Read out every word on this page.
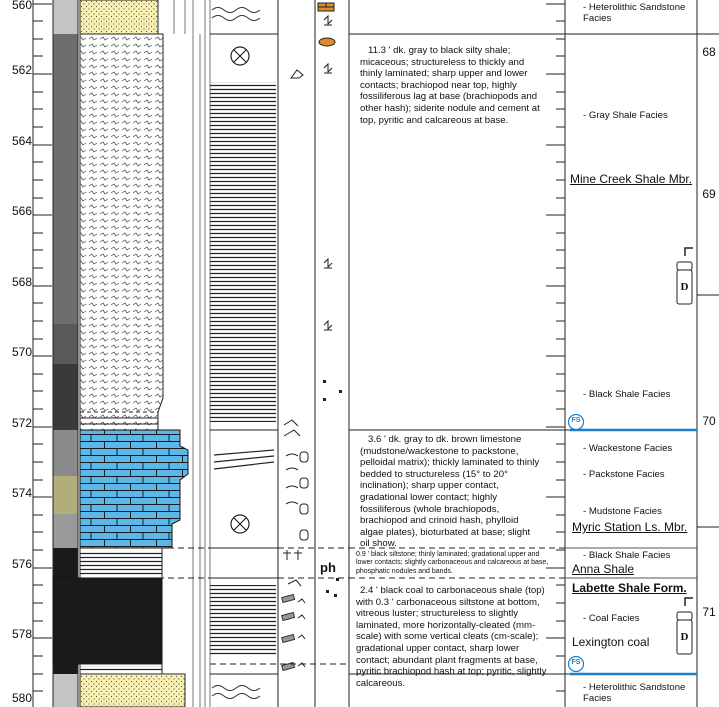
560
562
564
566
568
570
572
574
576
578
580
68
69
70
71
11.3 ' dk. gray to black silty shale; micaceous; structureless to thickly and thinly laminated; sharp upper and lower contacts; brachiopod near top, highly fossiliferous lag at base (brachiopods and other hash); siderite nodule and cement at top, pyritic and calcareous at base.
3.6 ' dk. gray to dk. brown limestone (mudstone/wackestone to packstone, pelloidal matrix); thickly laminated to thinly bedded to structureless (15° to 20° inclination); sharp upper contact, gradational lower contact; highly fossiliferous (whole brachiopods, brachiopod and crinoid hash, phylloid algae plates), bioturbated at base; slight oil show.
0.9 ' black siltstone; thinly laminated; gradational upper and lower contacts; slightly carbonaceous and calcareous at base, phosphatic nodules and bands.
2.4 ' black coal to carbonaceous shale (top) with 0.3 ' carbonaceous siltstone at bottom, vitreous luster; structureless to slightly laminated, more horizontally-cleated (mm-scale) with some vertical cleats (cm-scale); gradational upper contact, sharp lower contact; abundant plant fragments at base, pyritic brachiopod hash at top; pyritic, slightly calcareous.
ph
- Heterolithic Sandstone Facies
- Gray Shale Facies
- Black Shale Facies
- Wackestone Facies
- Packstone Facies
- Mudstone Facies
- Black Shale Facies
- Coal Facies
- Heterolithic Sandstone Facies
Mine Creek Shale Mbr.
Myric Station Ls. Mbr.
Anna Shale
Labette Shale Form.
Lexington coal
FS
FS
D
D
